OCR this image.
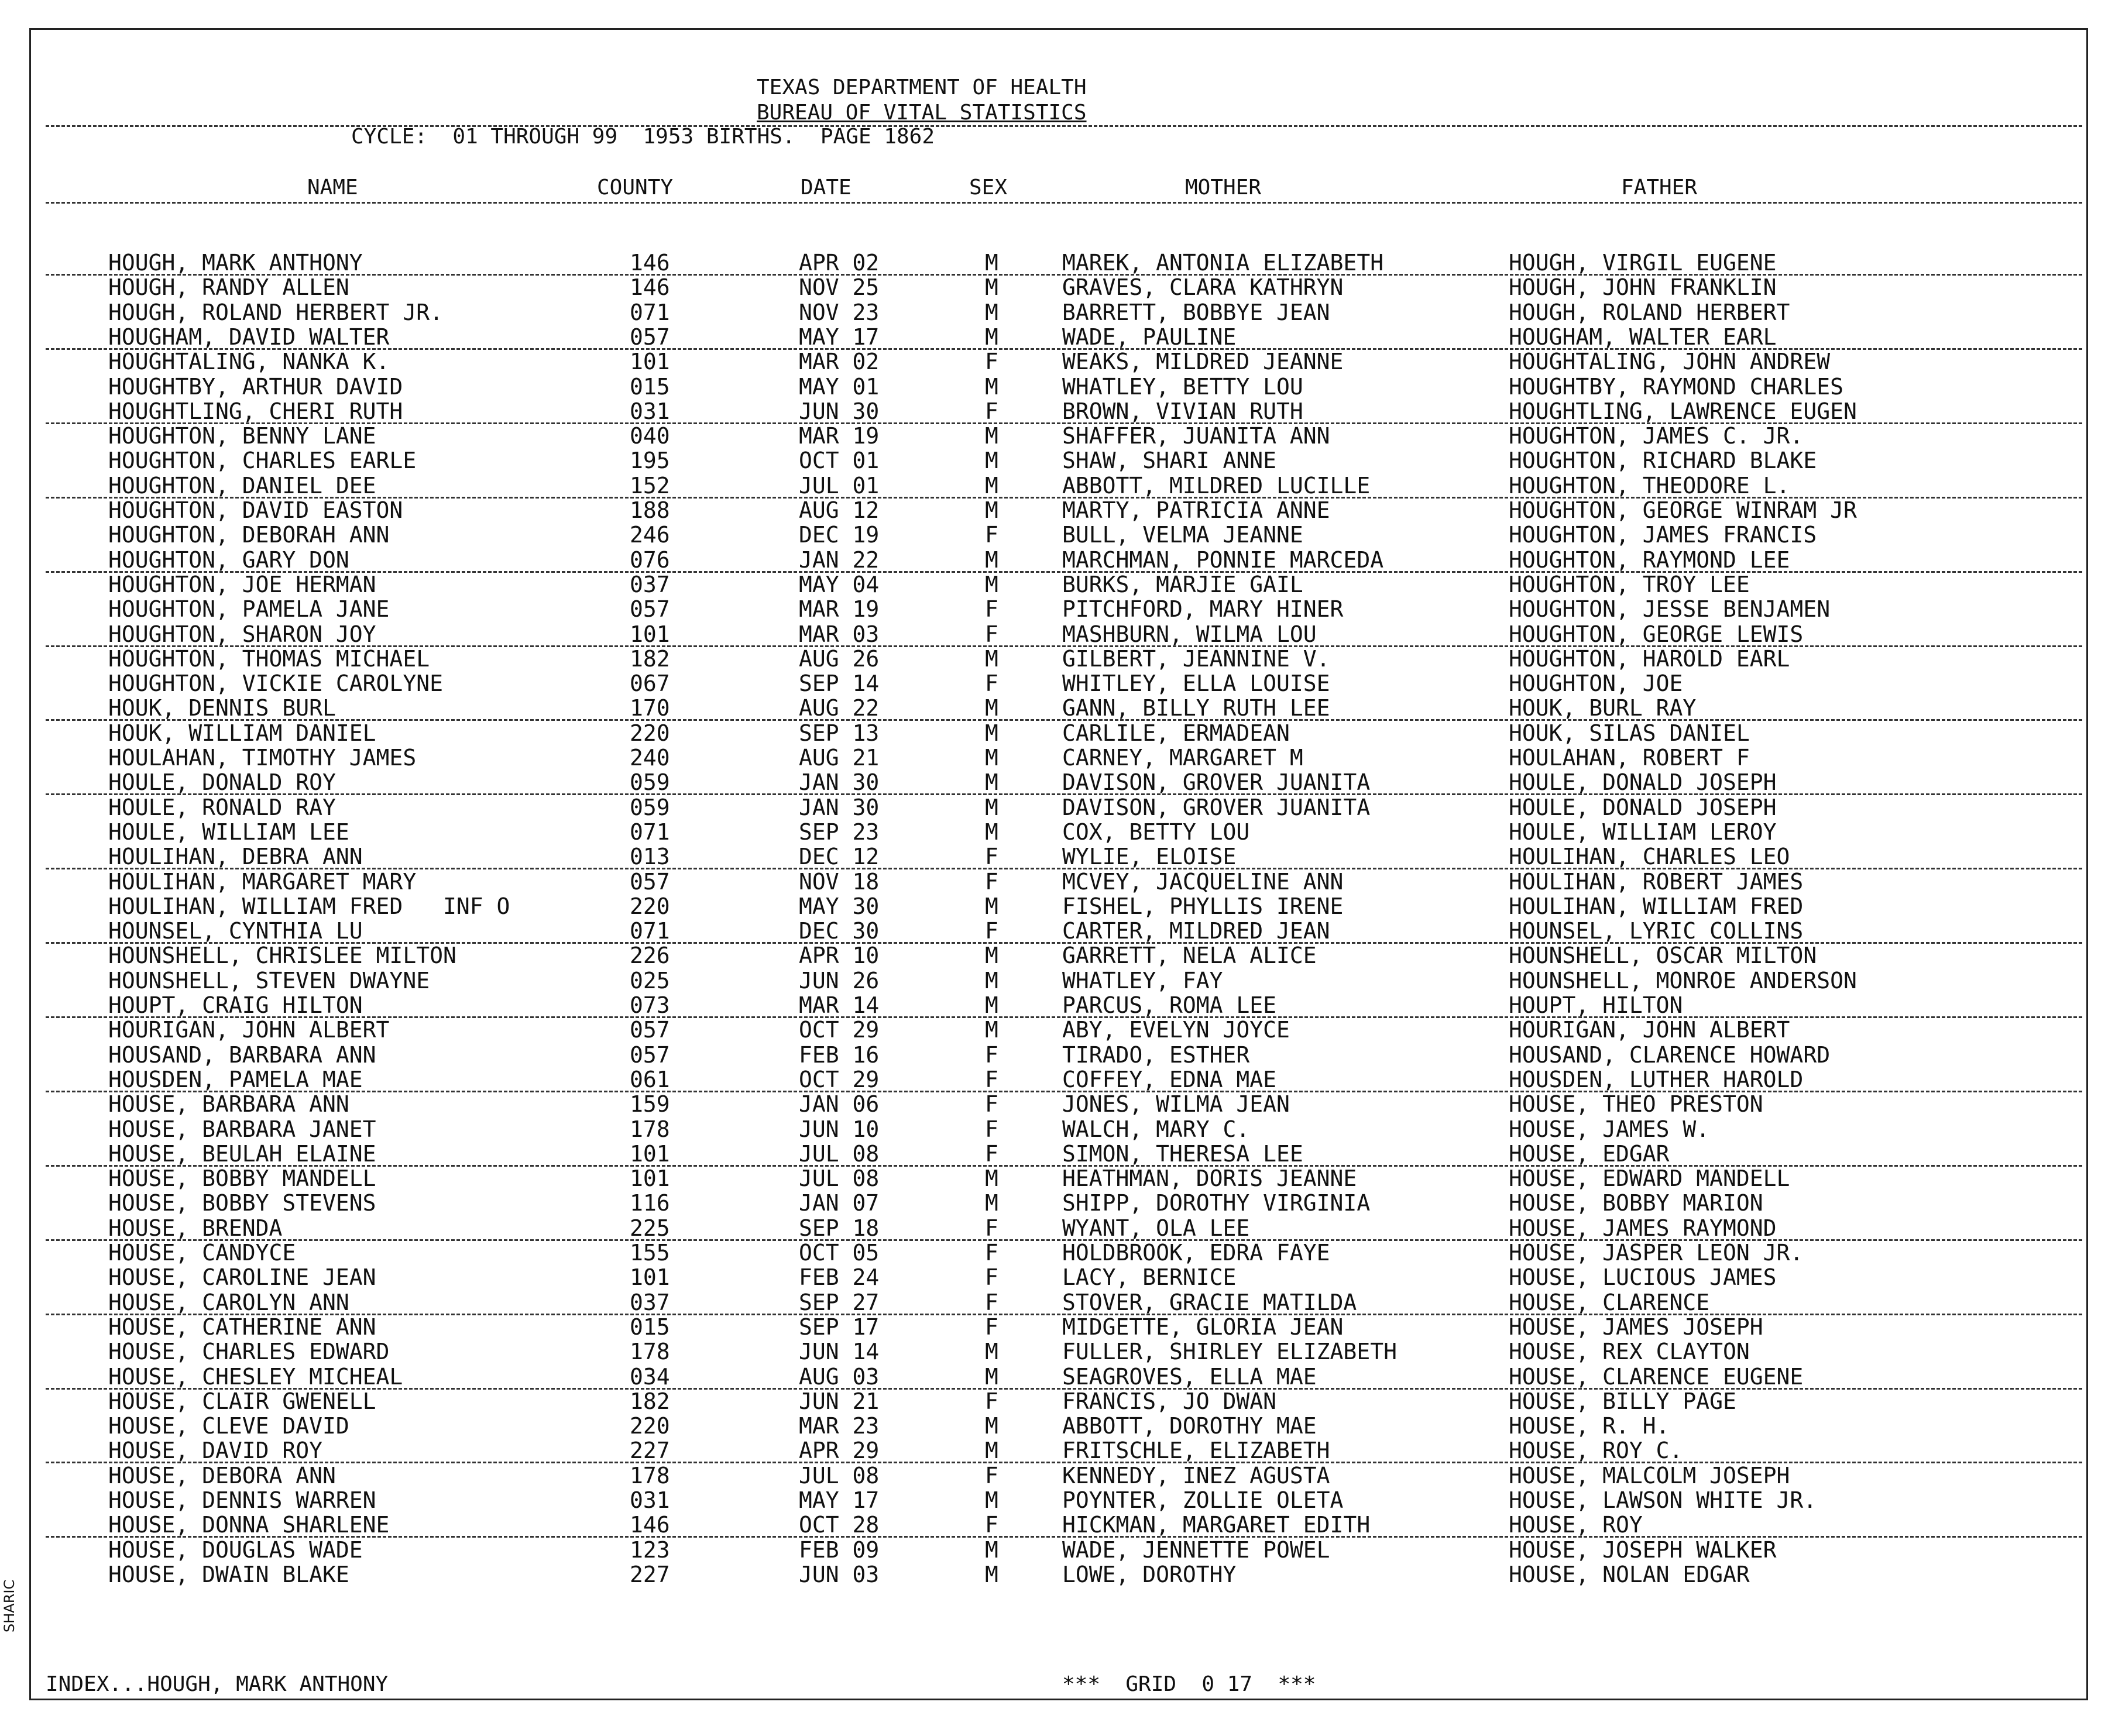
TEXAS DEPARTMENT OF HEALTH
BUREAU OF VITAL STATISTICS
CYCLE:  01 THROUGH 99  1953 BIRTHS.  PAGE 1862
NAME	COUNTY	DATE	SEX	MOTHER	FATHER
HOUGH, MARK ANTHONY	146	APR 02	M	MAREK, ANTONIA ELIZABETH	HOUGH, VIRGIL EUGENE
HOUGH, RANDY ALLEN	146	NOV 25	M	GRAVES, CLARA KATHRYN	HOUGH, JOHN FRANKLIN
HOUGH, ROLAND HERBERT JR.	071	NOV 23	M	BARRETT, BOBBYE JEAN	HOUGH, ROLAND HERBERT
HOUGHAM, DAVID WALTER	057	MAY 17	M	WADE, PAULINE	HOUGHAM, WALTER EARL
HOUGHTALING, NANKA K.	101	MAR 02	F	WEAKS, MILDRED JEANNE	HOUGHTALING, JOHN ANDREW
HOUGHTBY, ARTHUR DAVID	015	MAY 01	M	WHATLEY, BETTY LOU	HOUGHTBY, RAYMOND CHARLES
HOUGHTLING, CHERI RUTH	031	JUN 30	F	BROWN, VIVIAN RUTH	HOUGHTLING, LAWRENCE EUGEN
HOUGHTON, BENNY LANE	040	MAR 19	M	SHAFFER, JUANITA ANN	HOUGHTON, JAMES C. JR.
HOUGHTON, CHARLES EARLE	195	OCT 01	M	SHAW, SHARI ANNE	HOUGHTON, RICHARD BLAKE
HOUGHTON, DANIEL DEE	152	JUL 01	M	ABBOTT, MILDRED LUCILLE	HOUGHTON, THEODORE L.
HOUGHTON, DAVID EASTON	188	AUG 12	M	MARTY, PATRICIA ANNE	HOUGHTON, GEORGE WINRAM JR
HOUGHTON, DEBORAH ANN	246	DEC 19	F	BULL, VELMA JEANNE	HOUGHTON, JAMES FRANCIS
HOUGHTON, GARY DON	076	JAN 22	M	MARCHMAN, PONNIE MARCEDA	HOUGHTON, RAYMOND LEE
HOUGHTON, JOE HERMAN	037	MAY 04	M	BURKS, MARJIE GAIL	HOUGHTON, TROY LEE
HOUGHTON, PAMELA JANE	057	MAR 19	F	PITCHFORD, MARY HINER	HOUGHTON, JESSE BENJAMEN
HOUGHTON, SHARON JOY	101	MAR 03	F	MASHBURN, WILMA LOU	HOUGHTON, GEORGE LEWIS
HOUGHTON, THOMAS MICHAEL	182	AUG 26	M	GILBERT, JEANNINE V.	HOUGHTON, HAROLD EARL
HOUGHTON, VICKIE CAROLYNE	067	SEP 14	F	WHITLEY, ELLA LOUISE	HOUGHTON, JOE
HOUK, DENNIS BURL	170	AUG 22	M	GANN, BILLY RUTH LEE	HOUK, BURL RAY
HOUK, WILLIAM DANIEL	220	SEP 13	M	CARLILE, ERMADEAN	HOUK, SILAS DANIEL
HOULAHAN, TIMOTHY JAMES	240	AUG 21	M	CARNEY, MARGARET M	HOULAHAN, ROBERT F
HOULE, DONALD ROY	059	JAN 30	M	DAVISON, GROVER JUANITA	HOULE, DONALD JOSEPH
HOULE, RONALD RAY	059	JAN 30	M	DAVISON, GROVER JUANITA	HOULE, DONALD JOSEPH
HOULE, WILLIAM LEE	071	SEP 23	M	COX, BETTY LOU	HOULE, WILLIAM LEROY
HOULIHAN, DEBRA ANN	013	DEC 12	F	WYLIE, ELOISE	HOULIHAN, CHARLES LEO
HOULIHAN, MARGARET MARY	057	NOV 18	F	MCVEY, JACQUELINE ANN	HOULIHAN, ROBERT JAMES
HOULIHAN, WILLIAM FRED   INF O	220	MAY 30	M	FISHEL, PHYLLIS IRENE	HOULIHAN, WILLIAM FRED
HOUNSEL, CYNTHIA LU	071	DEC 30	F	CARTER, MILDRED JEAN	HOUNSEL, LYRIC COLLINS
HOUNSHELL, CHRISLEE MILTON	226	APR 10	M	GARRETT, NELA ALICE	HOUNSHELL, OSCAR MILTON
HOUNSHELL, STEVEN DWAYNE	025	JUN 26	M	WHATLEY, FAY	HOUNSHELL, MONROE ANDERSON
HOUPT, CRAIG HILTON	073	MAR 14	M	PARCUS, ROMA LEE	HOUPT, HILTON
HOURIGAN, JOHN ALBERT	057	OCT 29	M	ABY, EVELYN JOYCE	HOURIGAN, JOHN ALBERT
HOUSAND, BARBARA ANN	057	FEB 16	F	TIRADO, ESTHER	HOUSAND, CLARENCE HOWARD
HOUSDEN, PAMELA MAE	061	OCT 29	F	COFFEY, EDNA MAE	HOUSDEN, LUTHER HAROLD
HOUSE, BARBARA ANN	159	JAN 06	F	JONES, WILMA JEAN	HOUSE, THEO PRESTON
HOUSE, BARBARA JANET	178	JUN 10	F	WALCH, MARY C.	HOUSE, JAMES W.
HOUSE, BEULAH ELAINE	101	JUL 08	F	SIMON, THERESA LEE	HOUSE, EDGAR
HOUSE, BOBBY MANDELL	101	JUL 08	M	HEATHMAN, DORIS JEANNE	HOUSE, EDWARD MANDELL
HOUSE, BOBBY STEVENS	116	JAN 07	M	SHIPP, DOROTHY VIRGINIA	HOUSE, BOBBY MARION
HOUSE, BRENDA	225	SEP 18	F	WYANT, OLA LEE	HOUSE, JAMES RAYMOND
HOUSE, CANDYCE	155	OCT 05	F	HOLDBROOK, EDRA FAYE	HOUSE, JASPER LEON JR.
HOUSE, CAROLINE JEAN	101	FEB 24	F	LACY, BERNICE	HOUSE, LUCIOUS JAMES
HOUSE, CAROLYN ANN	037	SEP 27	F	STOVER, GRACIE MATILDA	HOUSE, CLARENCE
HOUSE, CATHERINE ANN	015	SEP 17	F	MIDGETTE, GLORIA JEAN	HOUSE, JAMES JOSEPH
HOUSE, CHARLES EDWARD	178	JUN 14	M	FULLER, SHIRLEY ELIZABETH	HOUSE, REX CLAYTON
HOUSE, CHESLEY MICHEAL	034	AUG 03	M	SEAGROVES, ELLA MAE	HOUSE, CLARENCE EUGENE
HOUSE, CLAIR GWENELL	182	JUN 21	F	FRANCIS, JO DWAN	HOUSE, BILLY PAGE
HOUSE, CLEVE DAVID	220	MAR 23	M	ABBOTT, DOROTHY MAE	HOUSE, R. H.
HOUSE, DAVID ROY	227	APR 29	M	FRITSCHLE, ELIZABETH	HOUSE, ROY C.
HOUSE, DEBORA ANN	178	JUL 08	F	KENNEDY, INEZ AGUSTA	HOUSE, MALCOLM JOSEPH
HOUSE, DENNIS WARREN	031	MAY 17	M	POYNTER, ZOLLIE OLETA	HOUSE, LAWSON WHITE JR.
HOUSE, DONNA SHARLENE	146	OCT 28	F	HICKMAN, MARGARET EDITH	HOUSE, ROY
HOUSE, DOUGLAS WADE	123	FEB 09	M	WADE, JENNETTE POWEL	HOUSE, JOSEPH WALKER
HOUSE, DWAIN BLAKE	227	JUN 03	M	LOWE, DOROTHY	HOUSE, NOLAN EDGAR
INDEX...HOUGH, MARK ANTHONY	***  GRID  0 17  ***
SHARIC
